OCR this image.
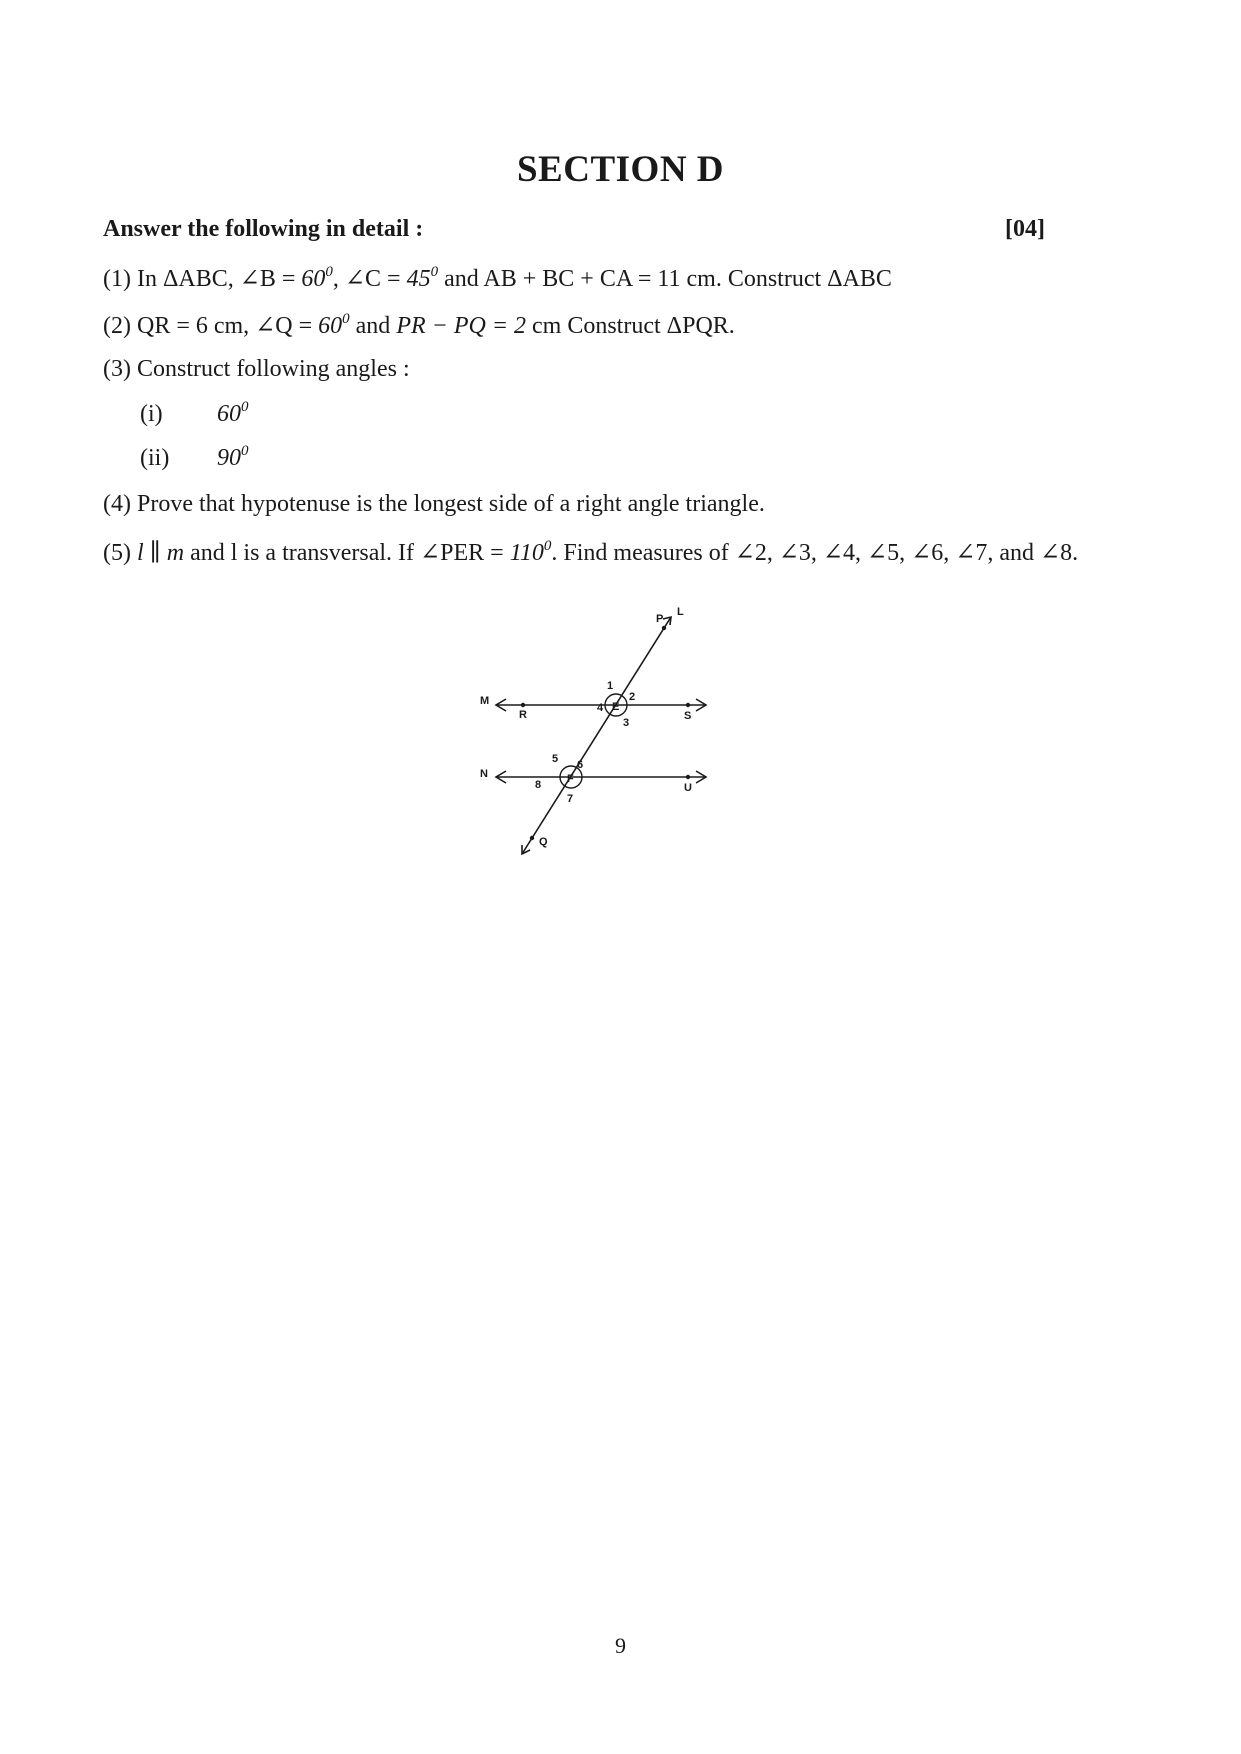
SECTION D
Answer the following in detail :	[04]
(1) In ΔABC, ∠B = $60^0$, ∠C = $45^0$ and AB + BC + CA = 11 cm. Construct ΔABC
(2) QR = 6 cm, ∠Q = $60^0$ and PR − PQ = 2 cm Construct ΔPQR.
(3) Construct following angles :
(i) $60^0$
(ii) $90^0$
(4) Prove that hypotenuse is the longest side of a right angle triangle.
(5) l ∥ m and l is a transversal. If ∠PER = $110^0$. Find measures of ∠2, ∠3, ∠4, ∠5, ∠6, ∠7, and ∠8.
P
L
M
R	S
E
N
U
F
Q
1
2
3
4
5 6
7
8
9
